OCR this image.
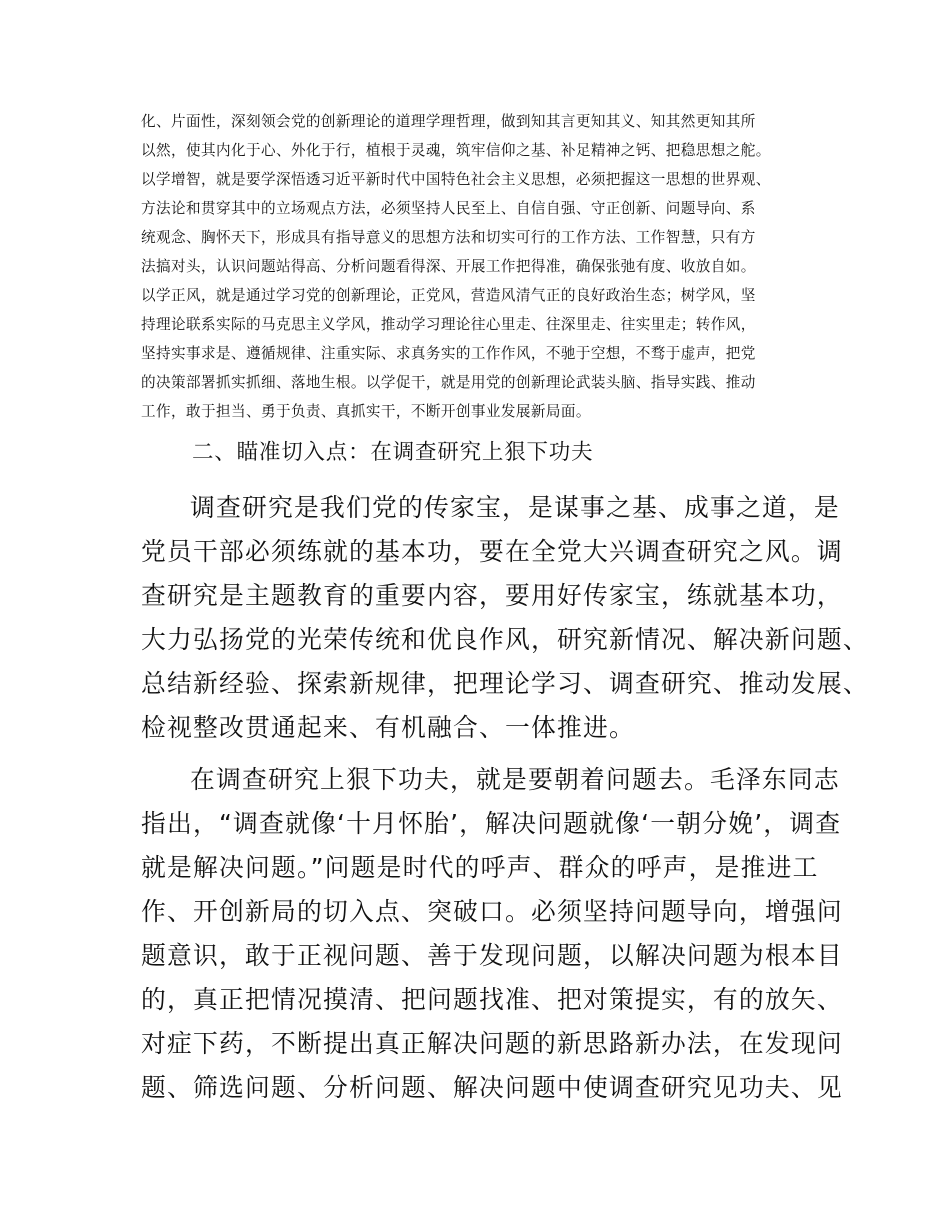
化、片面性，深刻领会党的创新理论的道理学理哲理，做到知其言更知其义、知其然更知其所

以然，使其内化于心、外化于行，植根于灵魂，筑牢信仰之基、补足精神之钙、把稳思想之舵。

以学增智，就是要学深悟透习近平新时代中国特色社会主义思想，必须把握这一思想的世界观、

方法论和贯穿其中的立场观点方法，必须坚持人民至上、自信自强、守正创新、问题导向、系

统观念、胸怀天下，形成具有指导意义的思想方法和切实可行的工作方法、工作智慧，只有方

法搞对头，认识问题站得高、分析问题看得深、开展工作把得准，确保张弛有度、收放自如。

以学正风，就是通过学习党的创新理论，正党风，营造风清气正的良好政治生态；树学风，坚

持理论联系实际的马克思主义学风，推动学习理论往心里走、往深里走、往实里走；转作风，

坚持实事求是、遵循规律、注重实际、求真务实的工作作风，不驰于空想，不骛于虚声，把党

的决策部署抓实抓细、落地生根。以学促干，就是用党的创新理论武装头脑、指导实践、推动

工作，敢于担当、勇于负责、真抓实干，不断开创事业发展新局面。

二、瞄准切入点：在调查研究上狠下功夫

调查研究是我们党的传家宝，是谋事之基、成事之道，是

党员干部必须练就的基本功，要在全党大兴调查研究之风。调

查研究是主题教育的重要内容，要用好传家宝，练就基本功，

大力弘扬党的光荣传统和优良作风，研究新情况、解决新问题、

总结新经验、探索新规律，把理论学习、调查研究、推动发展、

检视整改贯通起来、有机融合、一体推进。

在调查研究上狠下功夫，就是要朝着问题去。毛泽东同志

指出，“调查就像‘十月怀胎’，解决问题就像‘一朝分娩’，调查

就是解决问题。”问题是时代的呼声、群众的呼声，是推进工

作、开创新局的切入点、突破口。必须坚持问题导向，增强问

题意识，敢于正视问题、善于发现问题，以解决问题为根本目

的，真正把情况摸清、把问题找准、把对策提实，有的放矢、

对症下药，不断提出真正解决问题的新思路新办法，在发现问

题、筛选问题、分析问题、解决问题中使调查研究见功夫、见
